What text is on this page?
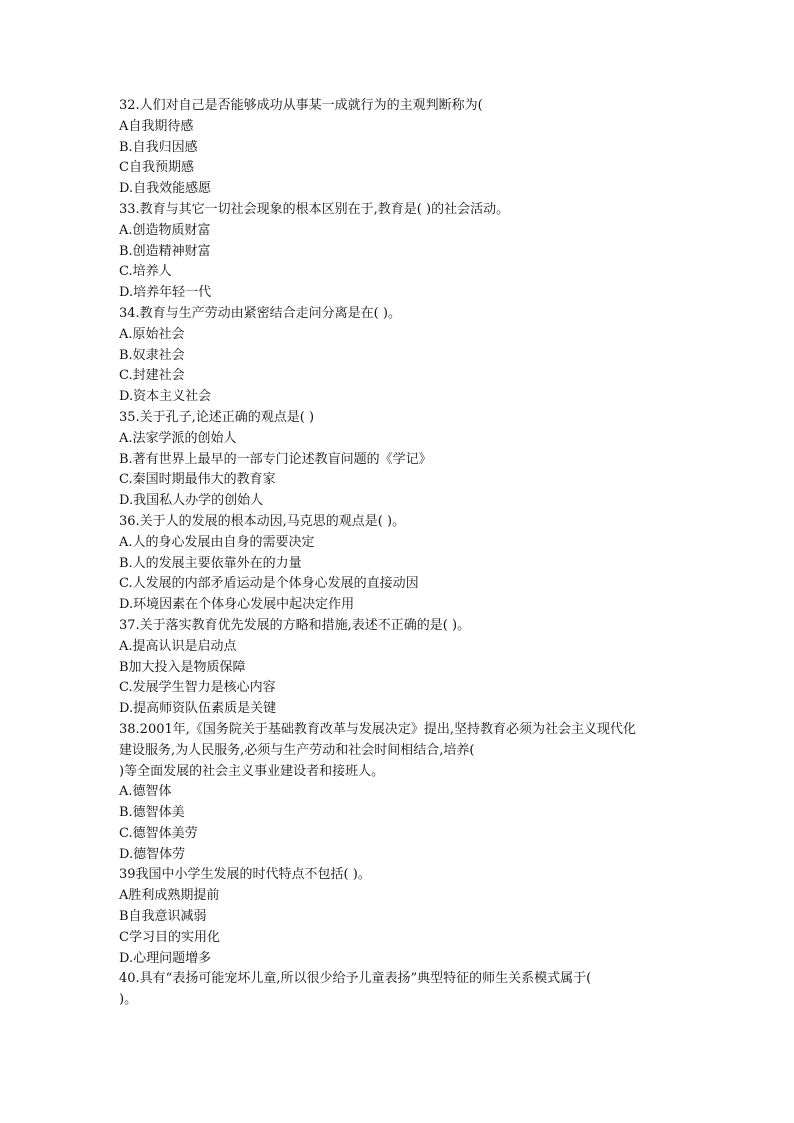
32.人们对自己是否能够成功从事某一成就行为的主观判断称为(
A自我期待感
B.自我归因感
C自我预期感
D.自我效能感愿
33.教育与其它一切社会现象的根本区别在于,教育是( )的社会活动。
A.创造物质财富
B.创造精神财富
C.培养人
D.培养年轻一代
34.教育与生产劳动由紧密结合走问分离是在( )。
A.原始社会
B.奴隶社会
C.封建社会
D.资本主义社会
35.关于孔子,论述正确的观点是( )
A.法家学派的创始人
B.著有世界上最早的一部专门论述教盲问题的《学记》
C.秦国时期最伟大的教育家
D.我国私人办学的创始人
36.关于人的发展的根本动因,马克思的观点是( )。
A.人的身心发展由自身的需要决定
B.人的发展主要依靠外在的力量
C.人发展的内部矛盾运动是个体身心发展的直接动因
D.环境因素在个体身心发展中起决定作用
37.关于落实教育优先发展的方略和措施,表述不正确的是( )。
A.提高认识是启动点
B加大投入是物质保障
C.发展学生智力是核心内容
D.提高师资队伍素质是关键
38.2001年,《国务院关于基础教育改革与发展决定》提出,坚持教育必须为社会主义现代化
建设服务,为人民服务,必须与生产劳动和社会时间相结合,培养(
)等全面发展的社会主义事业建设者和接班人。
A.德智体
B.德智体美
C.德智体美劳
D.德智体劳
39我国中小学生发展的时代特点不包括( )。
A胜利成熟期提前
B自我意识减弱
C学习目的实用化
D.心理问题增多
40.具有“表扬可能宠坏儿童,所以很少给予儿童表扬”典型特征的师生关系模式属于(
)。
